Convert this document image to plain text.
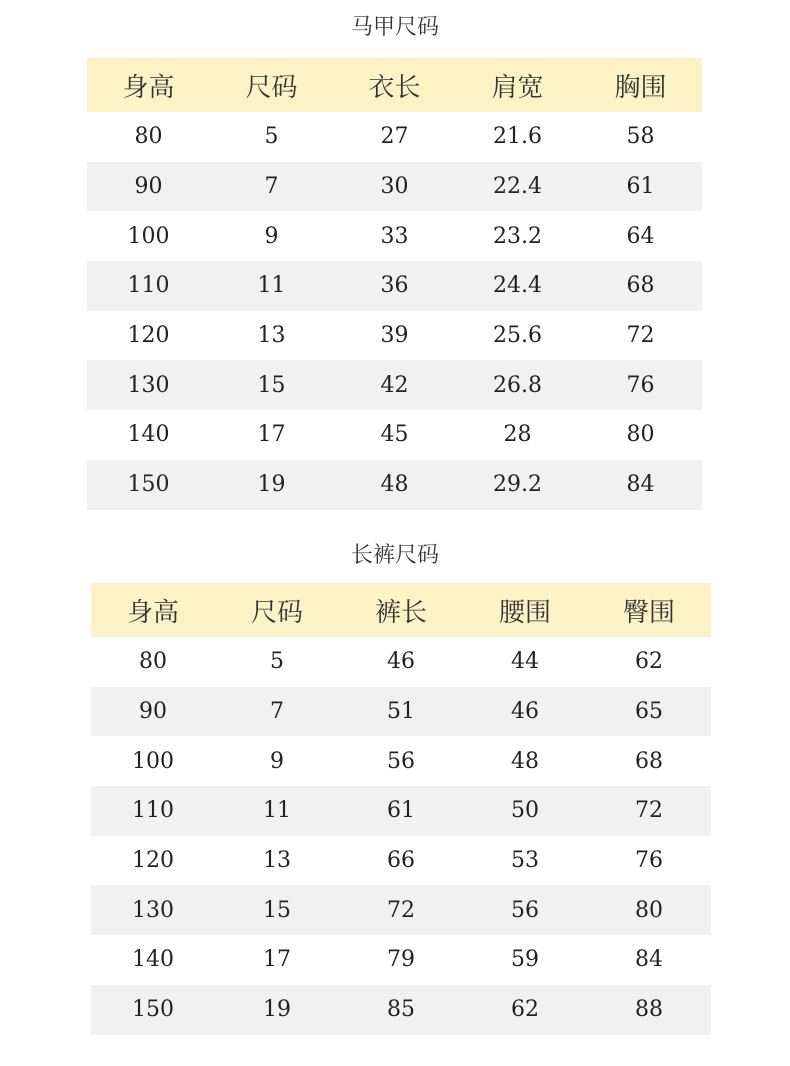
马甲尺码
身高	尺码	衣长	肩宽	胸围
80	5	27	21.6	58
90	7	30	22.4	61
100	9	33	23.2	64
110	11	36	24.4	68
120	13	39	25.6	72
130	15	42	26.8	76
140	17	45	28	80
150	19	48	29.2	84
长裤尺码
身高	尺码	裤长	腰围	臀围
80	5	46	44	62
90	7	51	46	65
100	9	56	48	68
110	11	61	50	72
120	13	66	53	76
130	15	72	56	80
140	17	79	59	84
150	19	85	62	88
